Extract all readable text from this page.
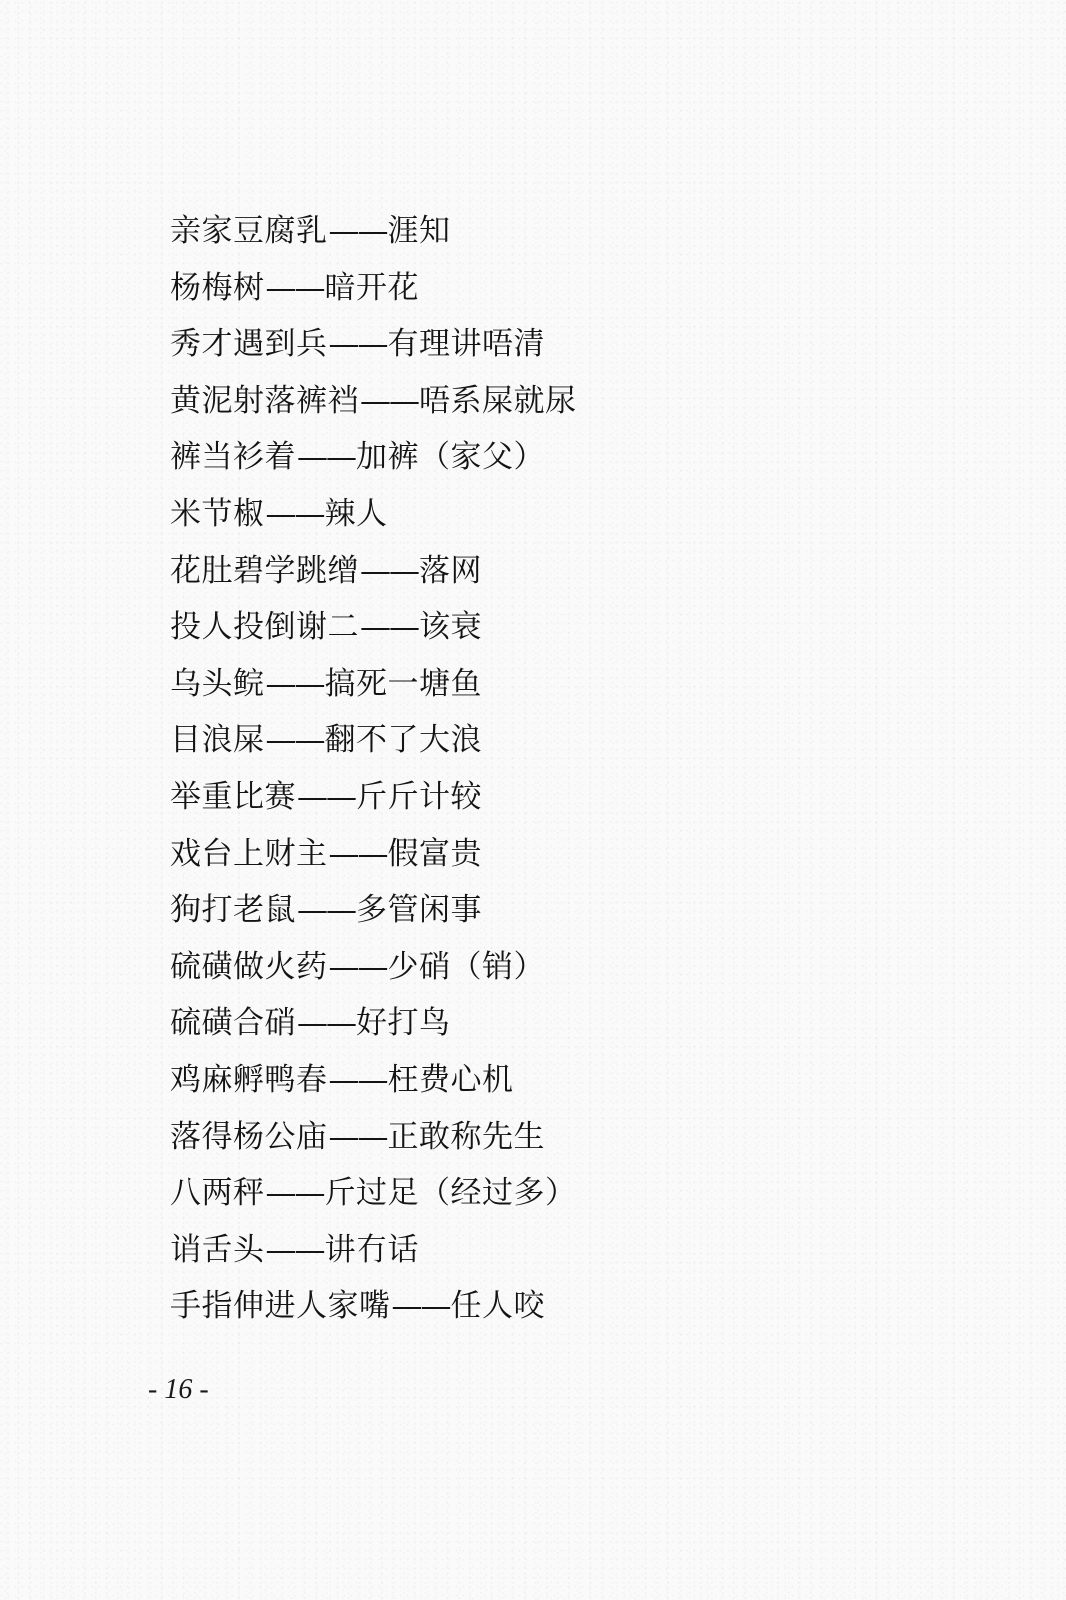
亲家豆腐乳——涯知
杨梅树——暗开花
秀才遇到兵——有理讲唔清
黄泥射落裤裆——唔系屎就尿
裤当衫着——加裤（家父）
米节椒——辣人
花肚碧学跳缯——落网
投人投倒谢二——该衰
乌头鲩——搞死一塘鱼
目浪屎——翻不了大浪
举重比赛——斤斤计较
戏台上财主——假富贵
狗打老鼠——多管闲事
硫磺做火药——少硝（销）
硫磺合硝——好打鸟
鸡麻孵鸭春——枉费心机
落得杨公庙——正敢称先生
八两秤——斤过足（经过多）
诮舌头——讲冇话
手指伸进人家嘴——任人咬
- 16 -
